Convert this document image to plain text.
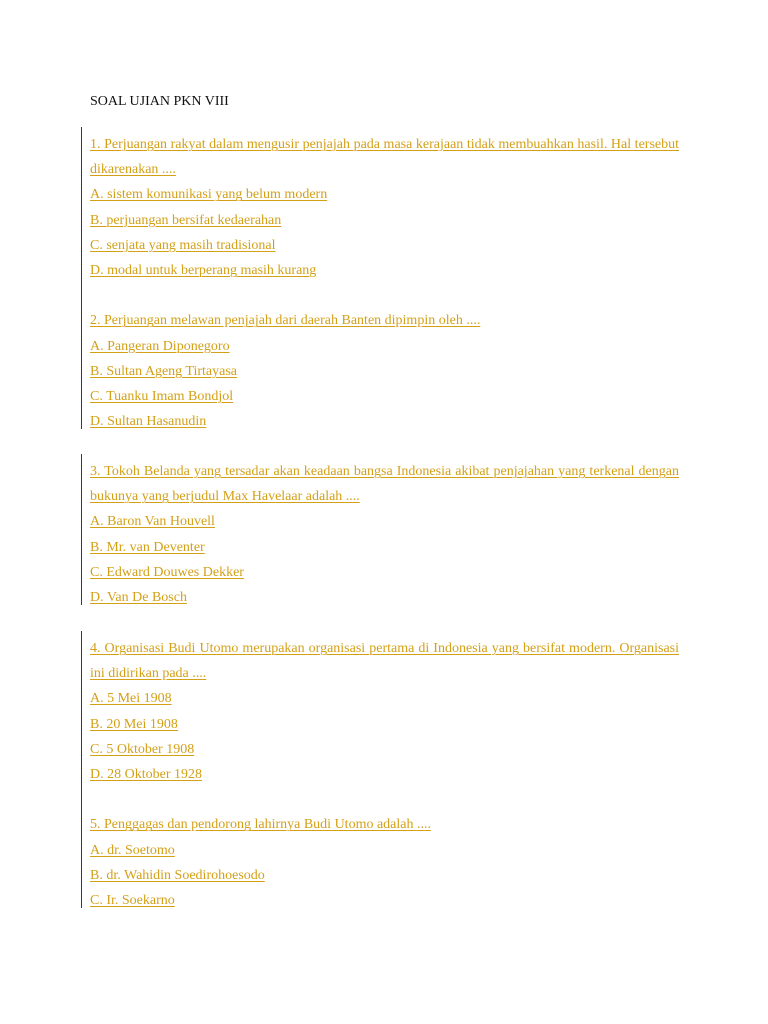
SOAL UJIAN PKN VIII
1. Perjuangan rakyat dalam mengusir penjajah pada masa kerajaan tidak membuahkan hasil. Hal tersebut dikarenakan ....
A. sistem komunikasi yang belum modern
B. perjuangan bersifat kedaerahan
C. senjata yang masih tradisional
D. modal untuk berperang masih kurang
2. Perjuangan melawan penjajah dari daerah Banten dipimpin oleh ....
A. Pangeran Diponegoro
B. Sultan Ageng Tirtayasa
C. Tuanku Imam Bondjol
D. Sultan Hasanudin
3. Tokoh Belanda yang tersadar akan keadaan bangsa Indonesia akibat penjajahan yang terkenal dengan bukunya yang berjudul Max Havelaar adalah ....
A. Baron Van Houvell
B. Mr. van Deventer
C. Edward Douwes Dekker
D. Van De Bosch
4. Organisasi Budi Utomo merupakan organisasi pertama di Indonesia yang bersifat modern. Organisasi ini didirikan pada ....
A. 5 Mei 1908
B. 20 Mei 1908
C. 5 Oktober 1908
D. 28 Oktober 1928
5. Penggagas dan pendorong lahirnya Budi Utomo adalah ....
A. dr. Soetomo
B. dr. Wahidin Soedirohoesodo
C. Ir. Soekarno
